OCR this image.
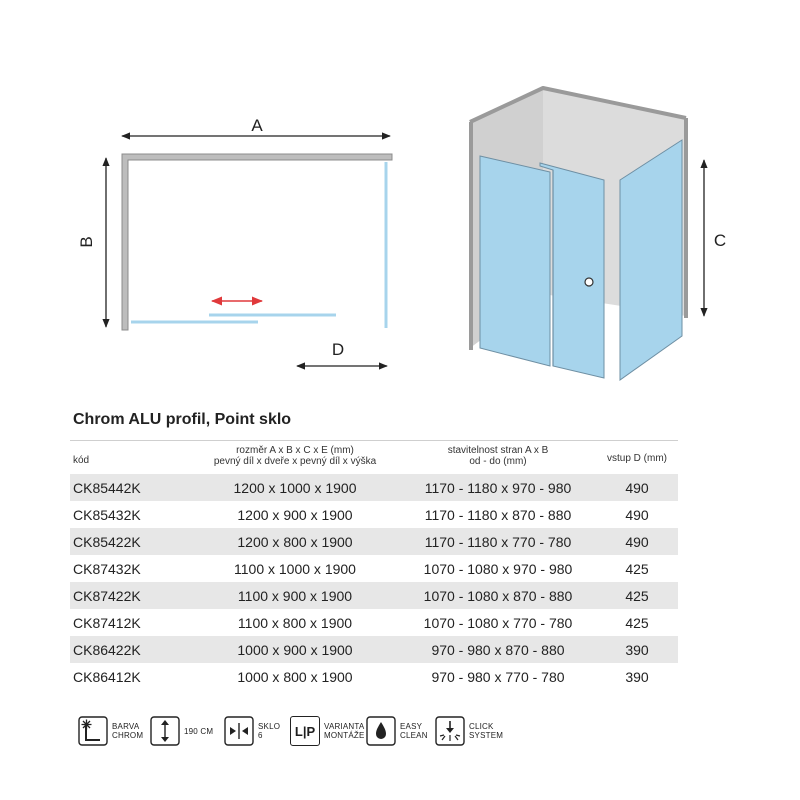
A
B
D
C
Chrom ALU profil, Point sklo
kód
rozměr A x B x C x E (mm)
pevný díl x dveře x pevný díl x výška
stavitelnost stran A x B
od - do (mm)	vstup D (mm)
CK85442K	1200 x 1000 x 1900	1170 - 1180 x 970 - 980	490
CK85432K	1200 x 900 x 1900	1170 - 1180 x 870 - 880	490
CK85422K	1200 x 800 x 1900	1170 - 1180 x 770 - 780	490
CK87432K	1100 x 1000 x 1900	1070 - 1080 x 970 - 980	425
CK87422K	1100 x 900 x 1900	1070 - 1080 x 870 - 880	425
CK87412K	1100 x 800 x 1900	1070 - 1080 x 770 - 780	425
CK86422K	1000 x 900 x 1900	970 - 980 x 870 - 880	390
CK86412K	1000 x 800 x 1900	970 - 980 x 770 - 780	390
BARVA
CHROM	190 CM	SKLO
6	L|P	VARIANTA
MONTÁŽE
EASY
CLEAN
CLICK
SYSTEM
